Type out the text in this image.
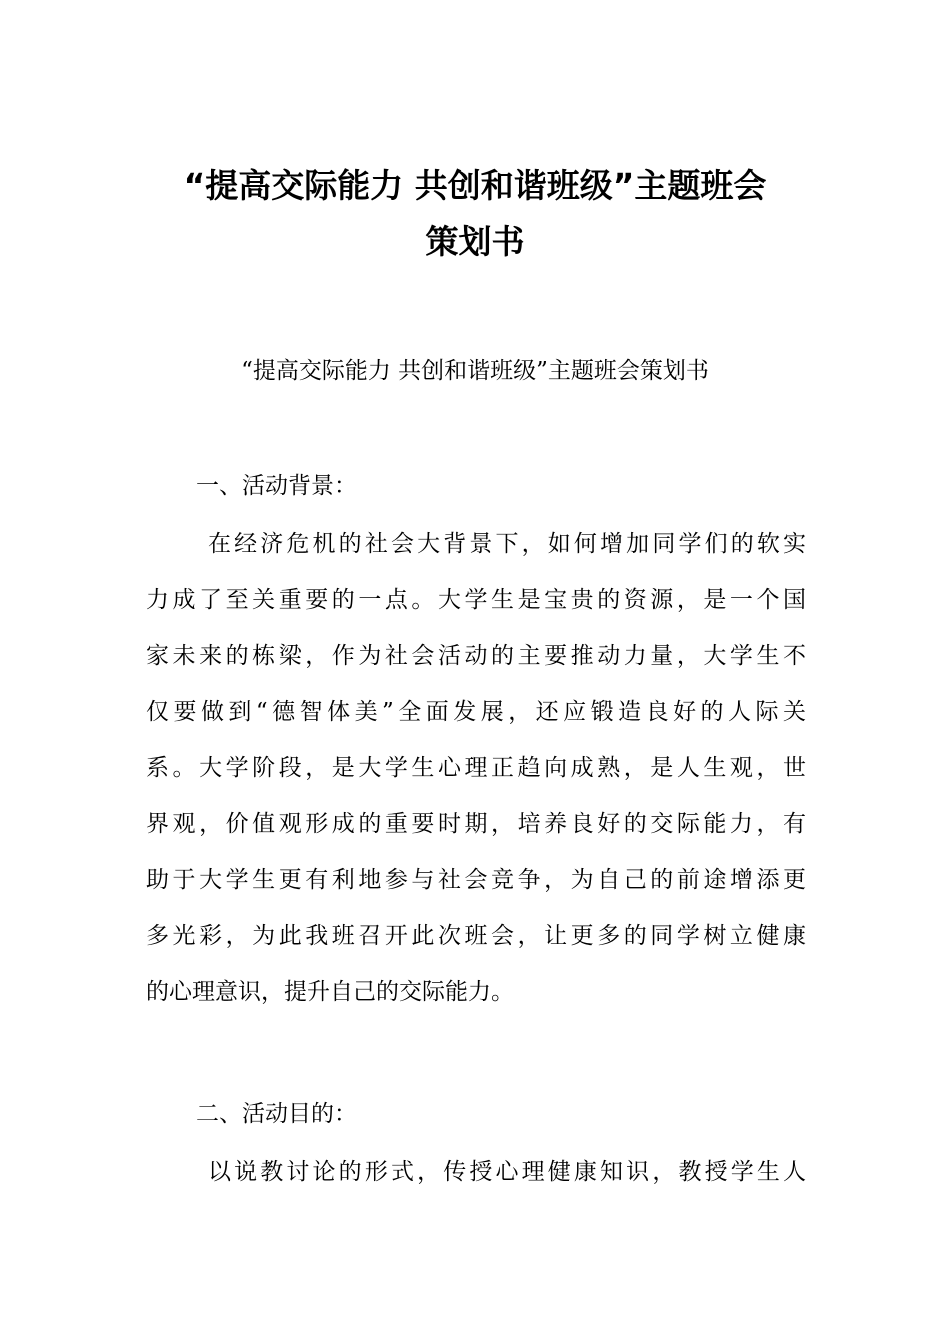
“提高交际能力 共创和谐班级”主题班会
策划书
“提高交际能力 共创和谐班级”主题班会策划书
一、活动背景：
在经济危机的社会大背景下，如何增加同学们的软实
力成了至关重要的一点。大学生是宝贵的资源，是一个国
家未来的栋梁，作为社会活动的主要推动力量，大学生不
仅要做到“德智体美”全面发展，还应锻造良好的人际关
系。大学阶段，是大学生心理正趋向成熟，是人生观，世
界观，价值观形成的重要时期，培养良好的交际能力，有
助于大学生更有利地参与社会竞争，为自己的前途增添更
多光彩，为此我班召开此次班会，让更多的同学树立健康
的心理意识，提升自己的交际能力。
二、活动目的：
以说教讨论的形式，传授心理健康知识，教授学生人
